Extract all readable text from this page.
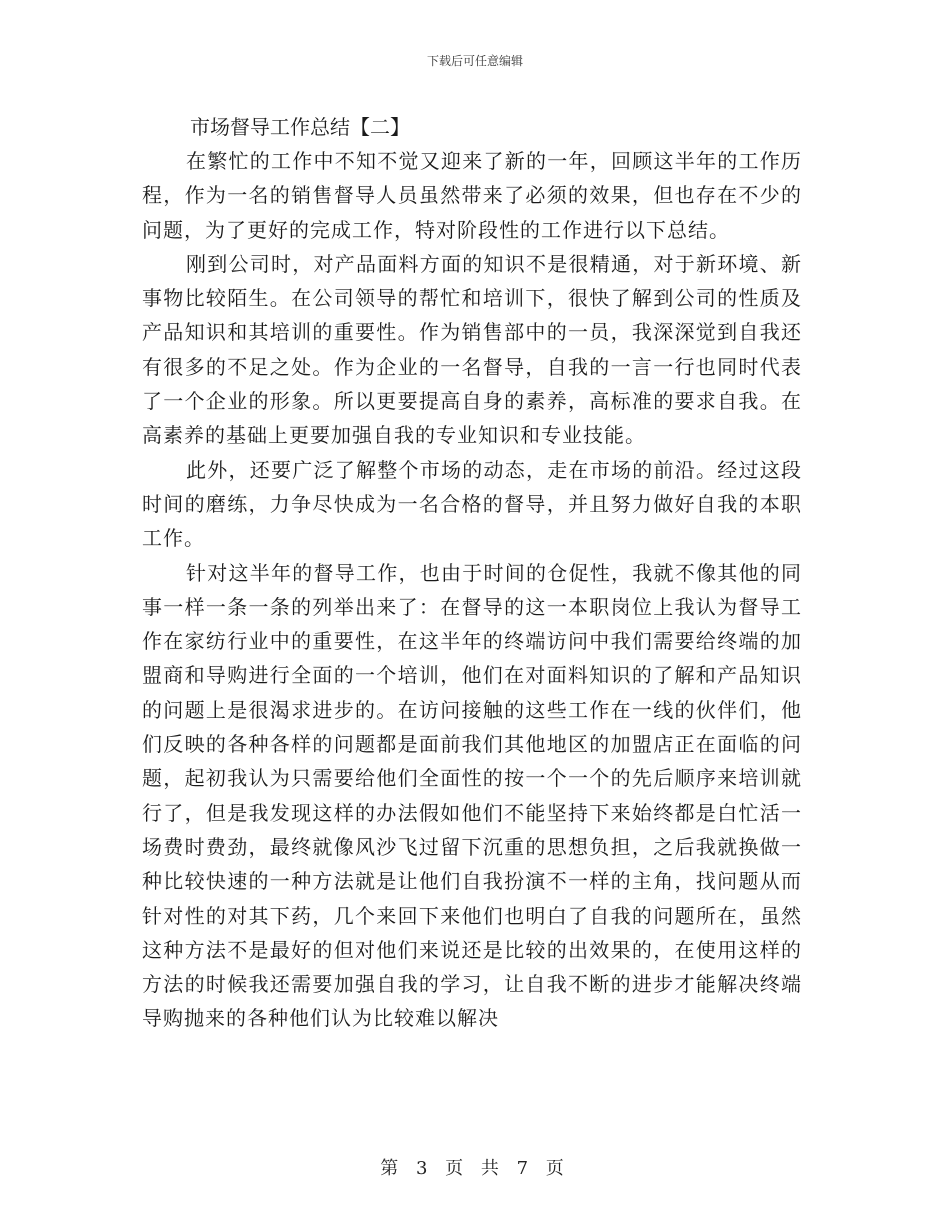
下载后可任意编辑

市场督导工作总结【二】

在繁忙的工作中不知不觉又迎来了新的一年，回顾这半年的工作历程，作为一名的销售督导人员虽然带来了必须的效果，但也存在不少的问题，为了更好的完成工作，特对阶段性的工作进行以下总结。

刚到公司时，对产品面料方面的知识不是很精通，对于新环境、新事物比较陌生。在公司领导的帮忙和培训下，很快了解到公司的性质及产品知识和其培训的重要性。作为销售部中的一员，我深深觉到自我还有很多的不足之处。作为企业的一名督导，自我的一言一行也同时代表了一个企业的形象。所以更要提高自身的素养，高标准的要求自我。在高素养的基础上更要加强自我的专业知识和专业技能。

此外，还要广泛了解整个市场的动态，走在市场的前沿。经过这段时间的磨练，力争尽快成为一名合格的督导，并且努力做好自我的本职工作。

针对这半年的督导工作，也由于时间的仓促性，我就不像其他的同事一样一条一条的列举出来了：在督导的这一本职岗位上我认为督导工作在家纺行业中的重要性，在这半年的终端访问中我们需要给终端的加盟商和导购进行全面的一个培训，他们在对面料知识的了解和产品知识的问题上是很渴求进步的。在访问接触的这些工作在一线的伙伴们，他们反映的各种各样的问题都是面前我们其他地区的加盟店正在面临的问题，起初我认为只需要给他们全面性的按一个一个的先后顺序来培训就行了，但是我发现这样的办法假如他们不能坚持下来始终都是白忙活一场费时费劲，最终就像风沙飞过留下沉重的思想负担，之后我就换做一种比较快速的一种方法就是让他们自我扮演不一样的主角，找问题从而针对性的对其下药，几个来回下来他们也明白了自我的问题所在，虽然这种方法不是最好的但对他们来说还是比较的出效果的，在使用这样的方法的时候我还需要加强自我的学习，让自我不断的进步才能解决终端导购抛来的各种他们认为比较难以解决

第 3 页 共 7 页
